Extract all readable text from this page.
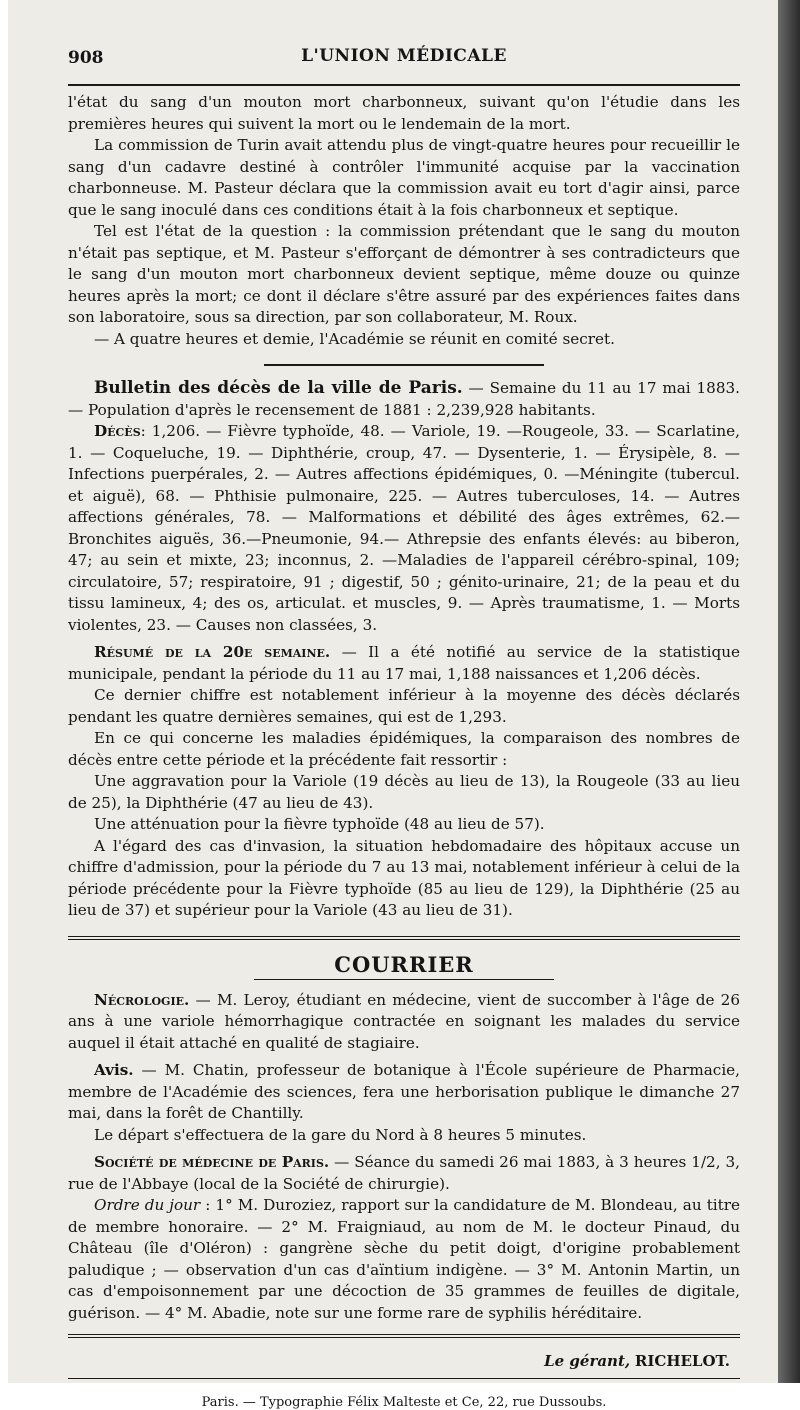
908	L'UNION MÉDICALE

l'état du sang d'un mouton mort charbonneux, suivant qu'on l'étudie dans les premières heures qui suivent la mort ou le lendemain de la mort.

La commission de Turin avait attendu plus de vingt-quatre heures pour recueillir le sang d'un cadavre destiné à contrôler l'immunité acquise par la vaccination charbonneuse. M. Pasteur déclara que la commission avait eu tort d'agir ainsi, parce que le sang inoculé dans ces conditions était à la fois charbonneux et septique.

Tel est l'état de la question : la commission prétendant que le sang du mouton n'était pas septique, et M. Pasteur s'efforçant de démontrer à ses contradicteurs que le sang d'un mouton mort charbonneux devient septique, même douze ou quinze heures après la mort; ce dont il déclare s'être assuré par des expériences faites dans son laboratoire, sous sa direction, par son collaborateur, M. Roux.

— A quatre heures et demie, l'Académie se réunit en comité secret.

Bulletin des décès de la ville de Paris. — Semaine du 11 au 17 mai 1883. — Population d'après le recensement de 1881 : 2,239,928 habitants.

Décès: 1,206. — Fièvre typhoïde, 48. — Variole, 19. —Rougeole, 33. — Scarlatine, 1. — Coqueluche, 19. — Diphthérie, croup, 47. — Dysenterie, 1. — Érysipèle, 8. — Infections puerpérales, 2. — Autres affections épidémiques, 0. —Méningite (tubercul. et aiguë), 68. — Phthisie pulmonaire, 225. — Autres tuberculoses, 14. — Autres affections générales, 78. — Malformations et débilité des âges extrêmes, 62.—Bronchites aiguës, 36.—Pneumonie, 94.— Athrepsie des enfants élevés: au biberon, 47; au sein et mixte, 23; inconnus, 2. —Maladies de l'appareil cérébro-spinal, 109; circulatoire, 57; respiratoire, 91 ; digestif, 50 ; génito-urinaire, 21; de la peau et du tissu lamineux, 4; des os, articulat. et muscles, 9. — Après traumatisme, 1. — Morts violentes, 23. — Causes non classées, 3.

Résumé de la 20e semaine. — Il a été notifié au service de la statistique municipale, pendant la période du 11 au 17 mai, 1,188 naissances et 1,206 décès.

Ce dernier chiffre est notablement inférieur à la moyenne des décès déclarés pendant les quatre dernières semaines, qui est de 1,293.

En ce qui concerne les maladies épidémiques, la comparaison des nombres de décès entre cette période et la précédente fait ressortir :

Une aggravation pour la Variole (19 décès au lieu de 13), la Rougeole (33 au lieu de 25), la Diphthérie (47 au lieu de 43).

Une atténuation pour la fièvre typhoïde (48 au lieu de 57).

A l'égard des cas d'invasion, la situation hebdomadaire des hôpitaux accuse un chiffre d'admission, pour la période du 7 au 13 mai, notablement inférieur à celui de la période précédente pour la Fièvre typhoïde (85 au lieu de 129), la Diphthérie (25 au lieu de 37) et supérieur pour la Variole (43 au lieu de 31).

COURRIER

Nécrologie. — M. Leroy, étudiant en médecine, vient de succomber à l'âge de 26 ans à une variole hémorrhagique contractée en soignant les malades du service auquel il était attaché en qualité de stagiaire.

Avis. — M. Chatin, professeur de botanique à l'École supérieure de Pharmacie, membre de l'Académie des sciences, fera une herborisation publique le dimanche 27 mai, dans la forêt de Chantilly.

Le départ s'effectuera de la gare du Nord à 8 heures 5 minutes.

Société de médecine de Paris. — Séance du samedi 26 mai 1883, à 3 heures 1/2, 3, rue de l'Abbaye (local de la Société de chirurgie).

Ordre du jour : 1° M. Duroziez, rapport sur la candidature de M. Blondeau, au titre de membre honoraire. — 2° M. Fraigniaud, au nom de M. le docteur Pinaud, du Château (île d'Oléron) : gangrène sèche du petit doigt, d'origine probablement paludique ; — observation d'un cas d'aïntium indigène. — 3° M. Antonin Martin, un cas d'empoisonnement par une décoction de 35 grammes de feuilles de digitale, guérison. — 4° M. Abadie, note sur une forme rare de syphilis héréditaire.

Le gérant, RICHELOT.
Paris. — Typographie Félix Malteste et Ce, 22, rue Dussoubs.
